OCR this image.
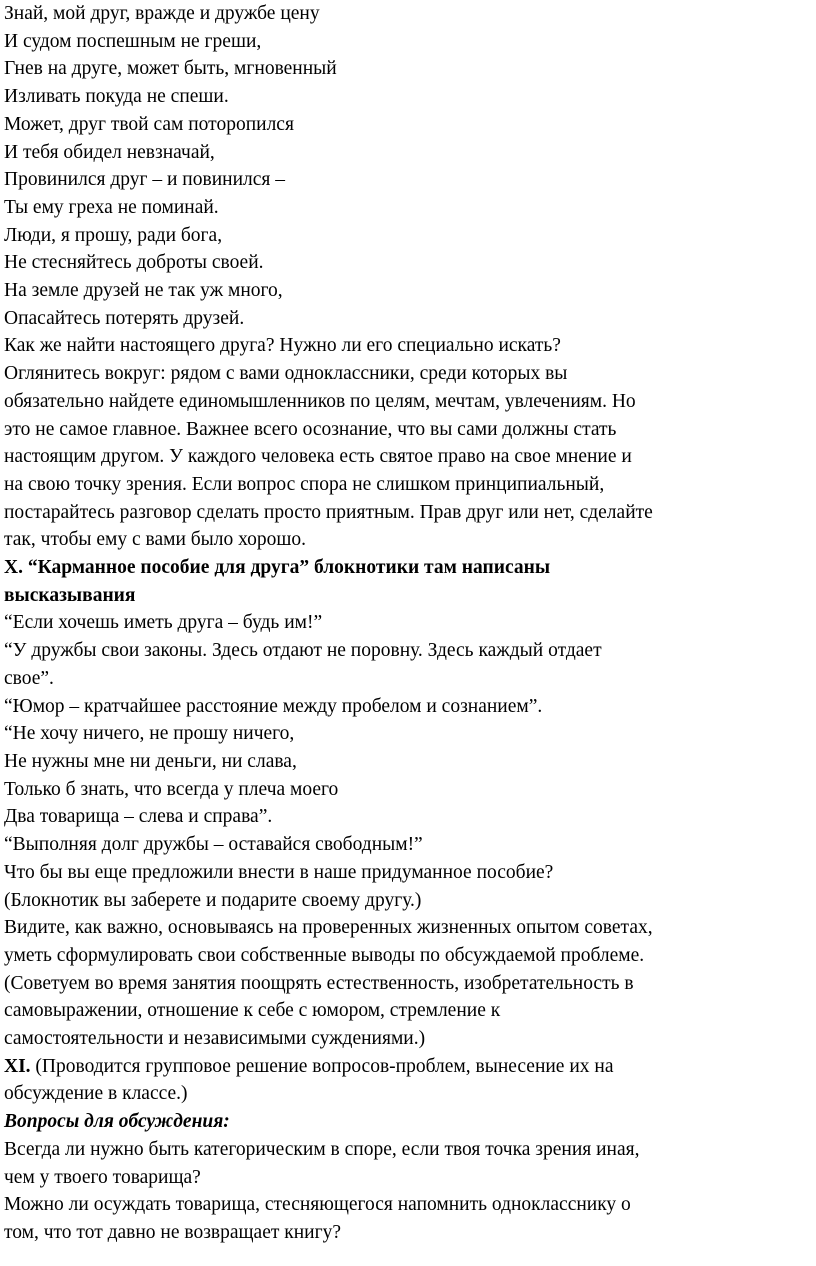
Знай, мой друг, вражде и дружбе цену
И судом поспешным не греши,
Гнев на друге, может быть, мгновенный
Изливать покуда не спеши.
Может, друг твой сам поторопился
И тебя обидел невзначай,
Провинился друг – и повинился –
Ты ему греха не поминай.
Люди, я прошу, ради бога,
Не стесняйтесь доброты своей.
На земле друзей не так уж много,
Опасайтесь потерять друзей.
Как же найти настоящего друга? Нужно ли его специально искать?
Оглянитесь вокруг: рядом с вами одноклассники, среди которых вы
обязательно найдете единомышленников по целям, мечтам, увлечениям. Но
это не самое главное. Важнее всего осознание, что вы сами должны стать
настоящим другом. У каждого человека есть святое право на свое мнение и
на свою точку зрения. Если вопрос спора не слишком принципиальный,
постарайтесь разговор сделать просто приятным. Прав друг или нет, сделайте
так, чтобы ему с вами было хорошо.
X. “Карманное пособие для друга” блокнотики там написаны
высказывания
“Если хочешь иметь друга – будь им!”
“У дружбы свои законы. Здесь отдают не поровну. Здесь каждый отдает
свое”.
“Юмор – кратчайшее расстояние между пробелом и сознанием”.
“Не хочу ничего, не прошу ничего,
Не нужны мне ни деньги, ни слава,
Только б знать, что всегда у плеча моего
Два товарища – слева и справа”.
“Выполняя долг дружбы – оставайся свободным!”
Что бы вы еще предложили внести в наше придуманное пособие?
(Блокнотик вы заберете и подарите своему другу.)
Видите, как важно, основываясь на проверенных жизненных опытом советах,
уметь сформулировать свои собственные выводы по обсуждаемой проблеме.
(Советуем во время занятия поощрять естественность, изобретательность в
самовыражении, отношение к себе с юмором, стремление к
самостоятельности и независимыми суждениями.)
XI. (Проводится групповое решение вопросов-проблем, вынесение их на
обсуждение в классе.)
Вопросы для обсуждения:
Всегда ли нужно быть категорическим в споре, если твоя точка зрения иная,
чем у твоего товарища?
Можно ли осуждать товарища, стесняющегося напомнить однокласснику о
том, что тот давно не возвращает книгу?
